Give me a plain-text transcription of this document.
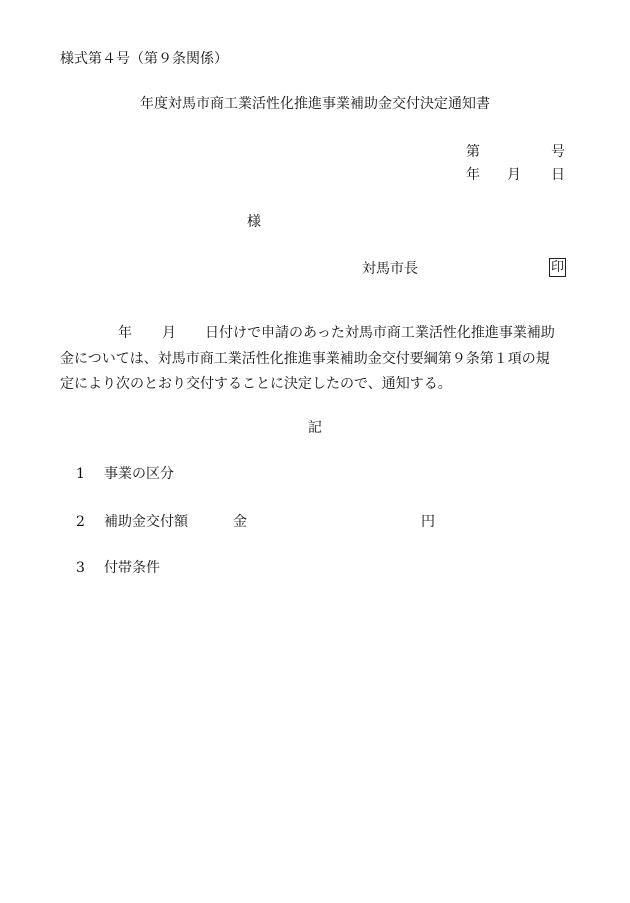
様式第４号（第９条関係）
年度対馬市商工業活性化推進事業補助金交付決定通知書
第	号
年 月 日
様
対馬市長	印
年 月 日付けで申請のあった対馬市商工業活性化推進事業補助
金については、対馬市商工業活性化推進事業補助金交付要綱第９条第１項の規
定により次のとおり交付することに決定したので、通知する。
記
1 事業の区分
2 補助金交付額	金	円
3 付帯条件
